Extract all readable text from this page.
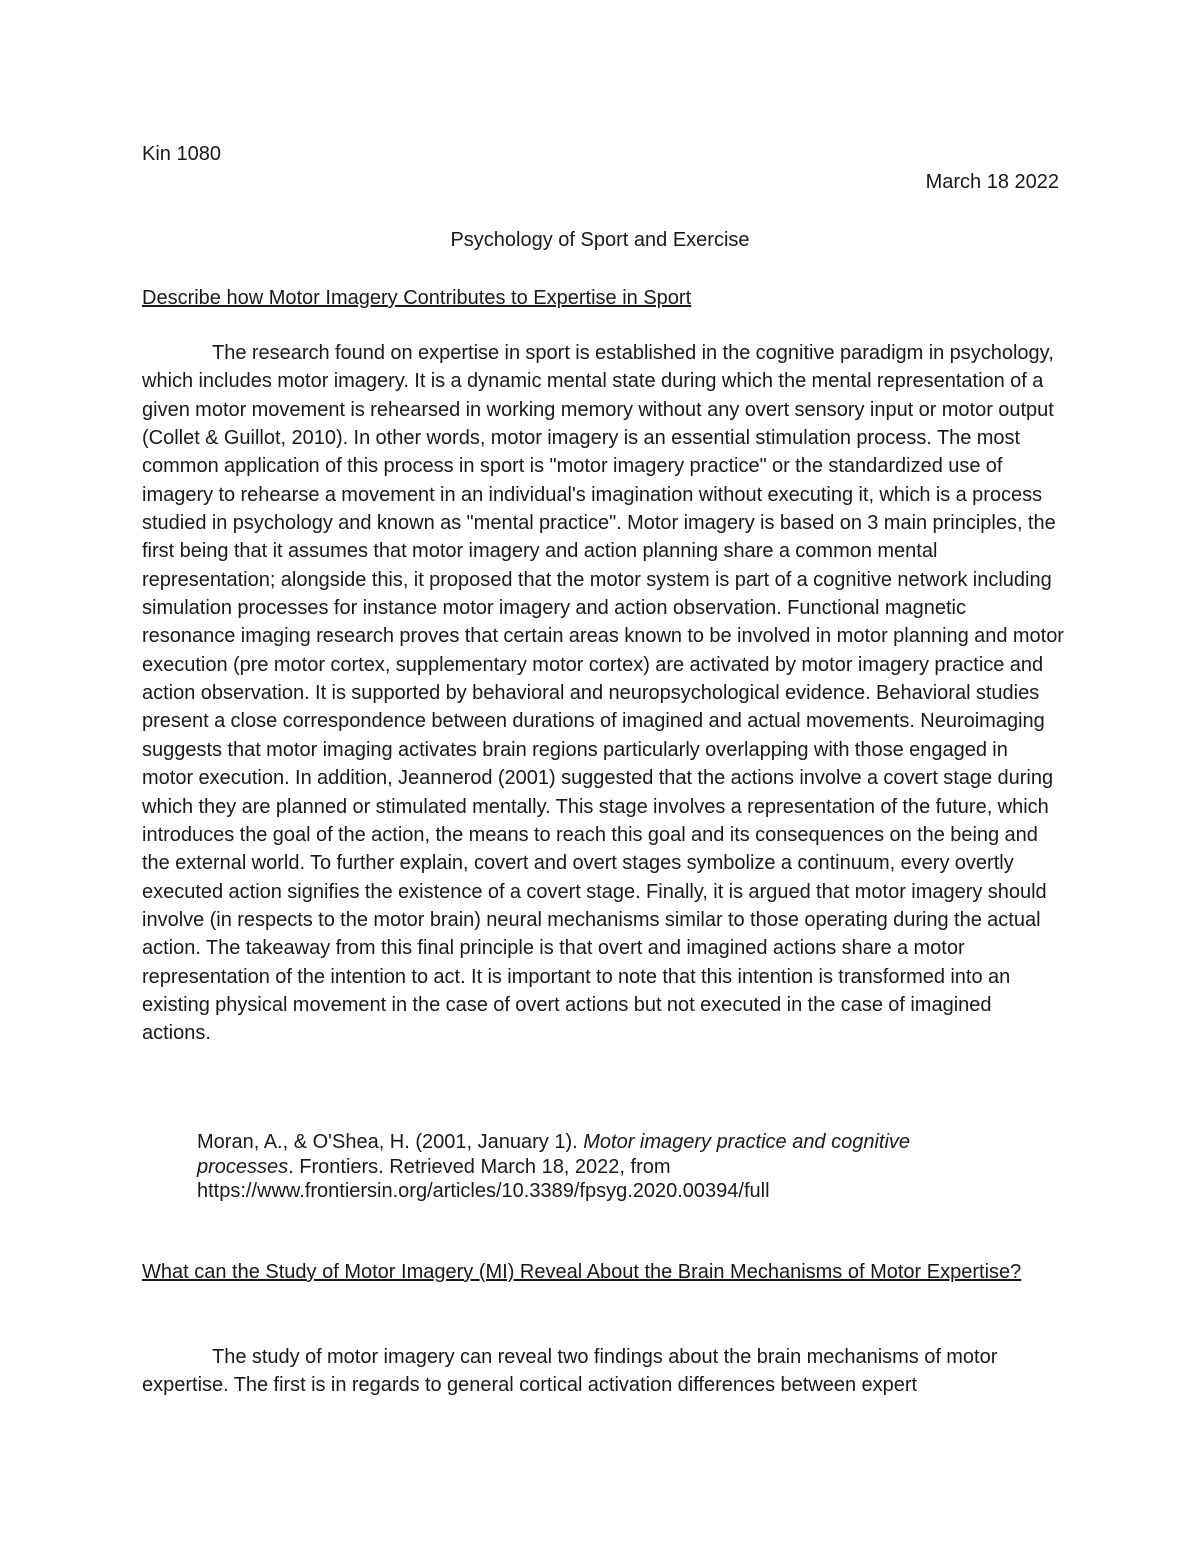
Kin 1080
March 18 2022
Psychology of Sport and Exercise
Describe how Motor Imagery Contributes to Expertise in Sport

The research found on expertise in sport is established in the cognitive paradigm in psychology, which includes motor imagery. It is a dynamic mental state during which the mental representation of a given motor movement is rehearsed in working memory without any overt sensory input or motor output (Collet & Guillot, 2010). In other words, motor imagery is an essential stimulation process. The most common application of this process in sport is "motor imagery practice" or the standardized use of imagery to rehearse a movement in an individual's imagination without executing it, which is a process studied in psychology and known as "mental practice". Motor imagery is based on 3 main principles, the first being that it assumes that motor imagery and action planning share a common mental representation; alongside this, it proposed that the motor system is part of a cognitive network including simulation processes for instance motor imagery and action observation. Functional magnetic resonance imaging research proves that certain areas known to be involved in motor planning and motor execution (pre motor cortex, supplementary motor cortex) are activated by motor imagery practice and action observation. It is supported by behavioral and neuropsychological evidence. Behavioral studies present a close correspondence between durations of imagined and actual movements. Neuroimaging suggests that motor imaging activates brain regions particularly overlapping with those engaged in motor execution. In addition, Jeannerod (2001) suggested that the actions involve a covert stage during which they are planned or stimulated mentally. This stage involves a representation of the future, which introduces the goal of the action, the means to reach this goal and its consequences on the being and the external world. To further explain, covert and overt stages symbolize a continuum, every overtly executed action signifies the existence of a covert stage. Finally, it is argued that motor imagery should involve (in respects to the motor brain) neural mechanisms similar to those operating during the actual action. The takeaway from this final principle is that overt and imagined actions share a motor representation of the intention to act. It is important to note that this intention is transformed into an existing physical movement in the case of overt actions but not executed in the case of imagined actions.

Moran, A., & O'Shea, H. (2001, January 1). Motor imagery practice and cognitive processes. Frontiers. Retrieved March 18, 2022, from
https://www.frontiersin.org/articles/10.3389/fpsyg.2020.00394/full
What can the Study of Motor Imagery (MI) Reveal About the Brain Mechanisms of Motor Expertise?

The study of motor imagery can reveal two findings about the brain mechanisms of motor expertise. The first is in regards to general cortical activation differences between expert
